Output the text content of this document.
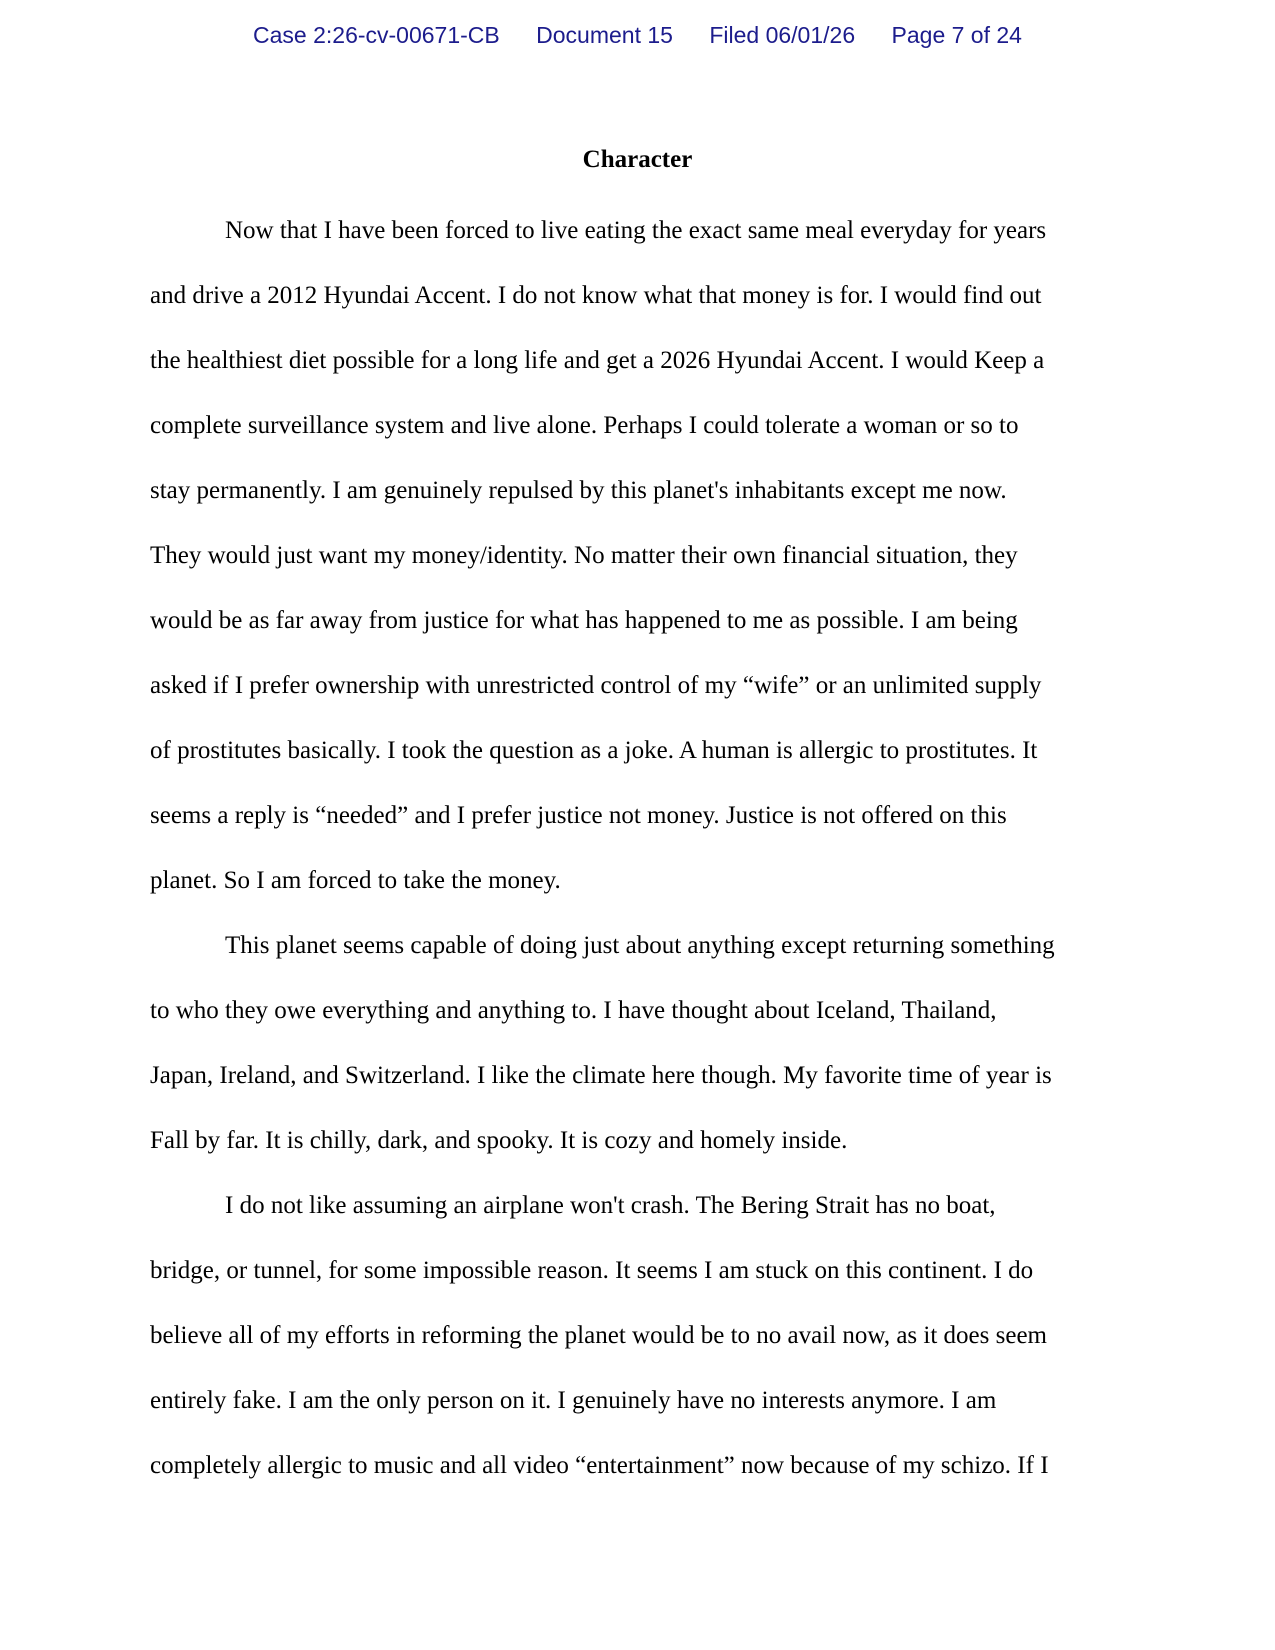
Case 2:26-cv-00671-CB Document 15 Filed 06/01/26 Page 7 of 24
Character
Now that I have been forced to live eating the exact same meal everyday for years
and drive a 2012 Hyundai Accent. I do not know what that money is for. I would find out
the healthiest diet possible for a long life and get a 2026 Hyundai Accent. I would Keep a
complete surveillance system and live alone. Perhaps I could tolerate a woman or so to
stay permanently. I am genuinely repulsed by this planet's inhabitants except me now.
They would just want my money/identity. No matter their own financial situation, they
would be as far away from justice for what has happened to me as possible. I am being
asked if I prefer ownership with unrestricted control of my “wife” or an unlimited supply
of prostitutes basically. I took the question as a joke. A human is allergic to prostitutes. It
seems a reply is “needed” and I prefer justice not money. Justice is not offered on this
planet. So I am forced to take the money.
This planet seems capable of doing just about anything except returning something
to who they owe everything and anything to. I have thought about Iceland, Thailand,
Japan, Ireland, and Switzerland. I like the climate here though. My favorite time of year is
Fall by far. It is chilly, dark, and spooky. It is cozy and homely inside.
I do not like assuming an airplane won't crash. The Bering Strait has no boat,
bridge, or tunnel, for some impossible reason. It seems I am stuck on this continent. I do
believe all of my efforts in reforming the planet would be to no avail now, as it does seem
entirely fake. I am the only person on it. I genuinely have no interests anymore. I am
completely allergic to music and all video “entertainment” now because of my schizo. If I
